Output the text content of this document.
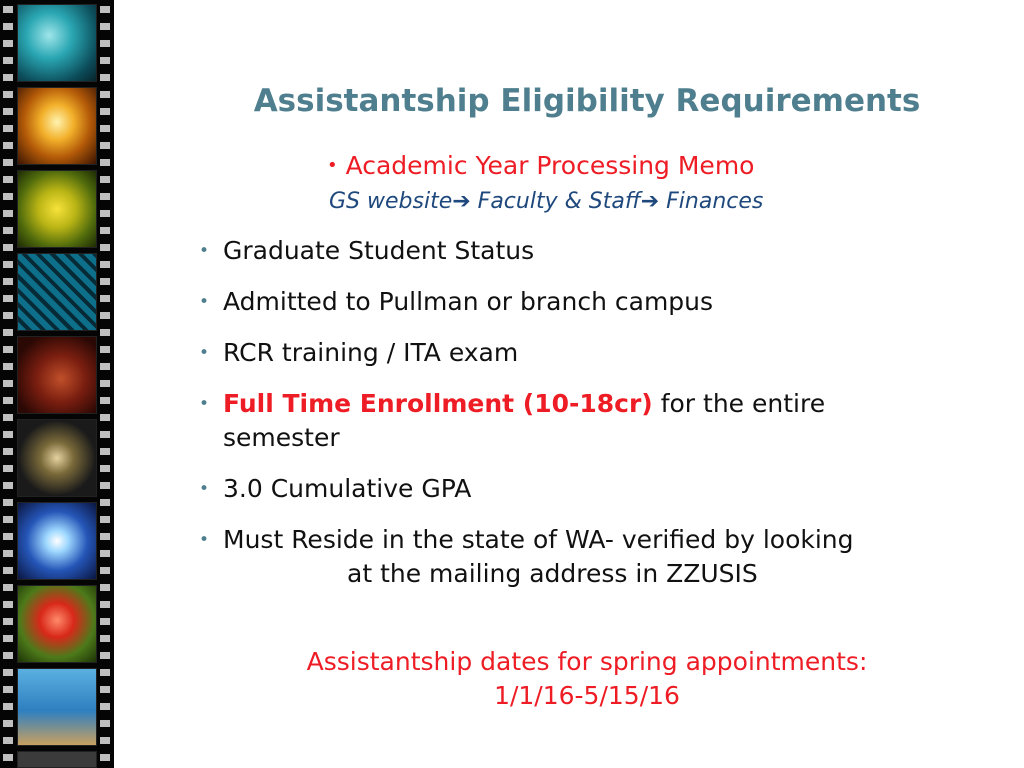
Assistantship Eligibility Requirements
• Academic Year Processing Memo
GS website➔ Faculty & Staff➔ Finances
• Graduate Student Status
• Admitted to Pullman or branch campus
• RCR training / ITA exam
• Full Time Enrollment (10-18cr) for the entire semester
• 3.0 Cumulative GPA
• Must Reside in the state of WA- verified by looking
at the mailing address in ZZUSIS
Assistantship dates for spring appointments:
1/1/16-5/15/16
